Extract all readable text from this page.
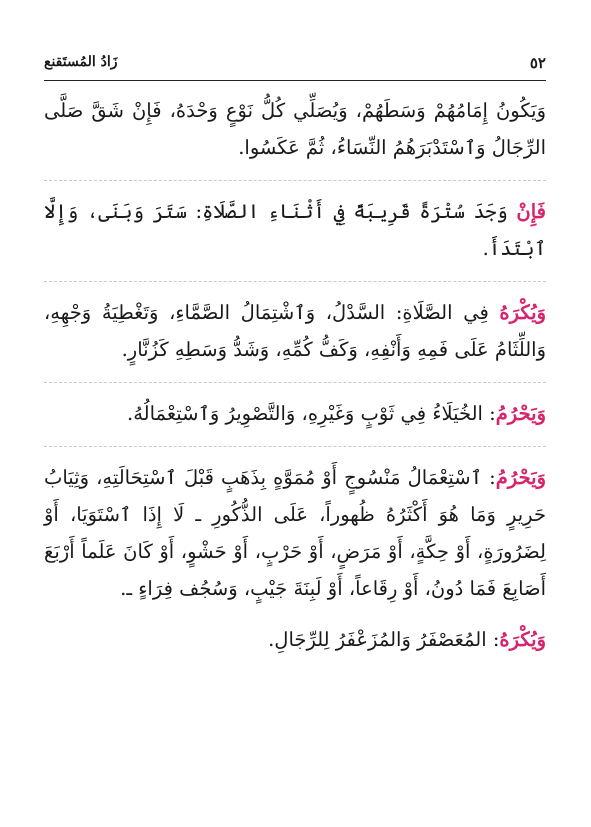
٥٢
زَادُ المُستَقنع

وَيَكُونُ إِمَامُهُمْ وَسَطَهُمْ، وَيُصَلِّي كُلُّ نَوْعٍ وَحْدَهُ، فَإِنْ شَقَّ صَلَّى الرِّجَالُ وَٱسْتَدْبَرَهُمُ النِّسَاءُ، ثُمَّ عَكَسُوا.

فَإِنْ وَجَدَ سُتْرَةً قَرِيبَةً فِي أَثْنَاءِ الصَّلَاةِ: سَتَرَ وَبَنَى، وَإِلَّا ٱبْتَدَأَ.

وَيُكْرَهُ فِي الصَّلَاةِ: السَّدْلُ، وَٱشْتِمَالُ الصَّمَّاءِ، وَتَغْطِيَةُ وَجْهِهِ، وَاللِّثَامُ عَلَى فَمِهِ وَأَنْفِهِ، وَكَفُّ كُمِّهِ، وَشَدُّ وَسَطِهِ كَزُنَّارٍ.

وَيَحْرُمُ: الخُيَلَاءُ فِي ثَوْبٍ وَغَيْرِهِ، وَالتَّصْوِيرُ وَٱسْتِعْمَالُهُ.

وَيَحْرُمُ: ٱسْتِعْمَالُ مَنْسُوجٍ أَوْ مُمَوَّهٍ بِذَهَبٍ قَبْلَ ٱسْتِحَالَتِهِ، وَثِيَابُ حَرِيرٍ وَمَا هُوَ أَكْثَرُهُ ظُهوراً، عَلَى الذُّكُورِ ـ لَا إِذَا ٱسْتَوَيَا، أَوْ لِضَرُورَةٍ، أَوْ حِكَّةٍ، أَوْ مَرَضٍ، أَوْ حَرْبٍ، أَوْ حَشْوٍ، أَوْ كَانَ عَلَماً أَرْبَعَ أَصَابِعَ فَمَا دُونُ، أَوْ رِقَاعاً، أَوْ لَبِنَةَ جَيْبٍ، وَسُجُف فِرَاءٍ ـ.

وَيُكْرَهُ: المُعَصْفَرُ وَالمُزَعْفَرُ لِلرِّجَالِ.
